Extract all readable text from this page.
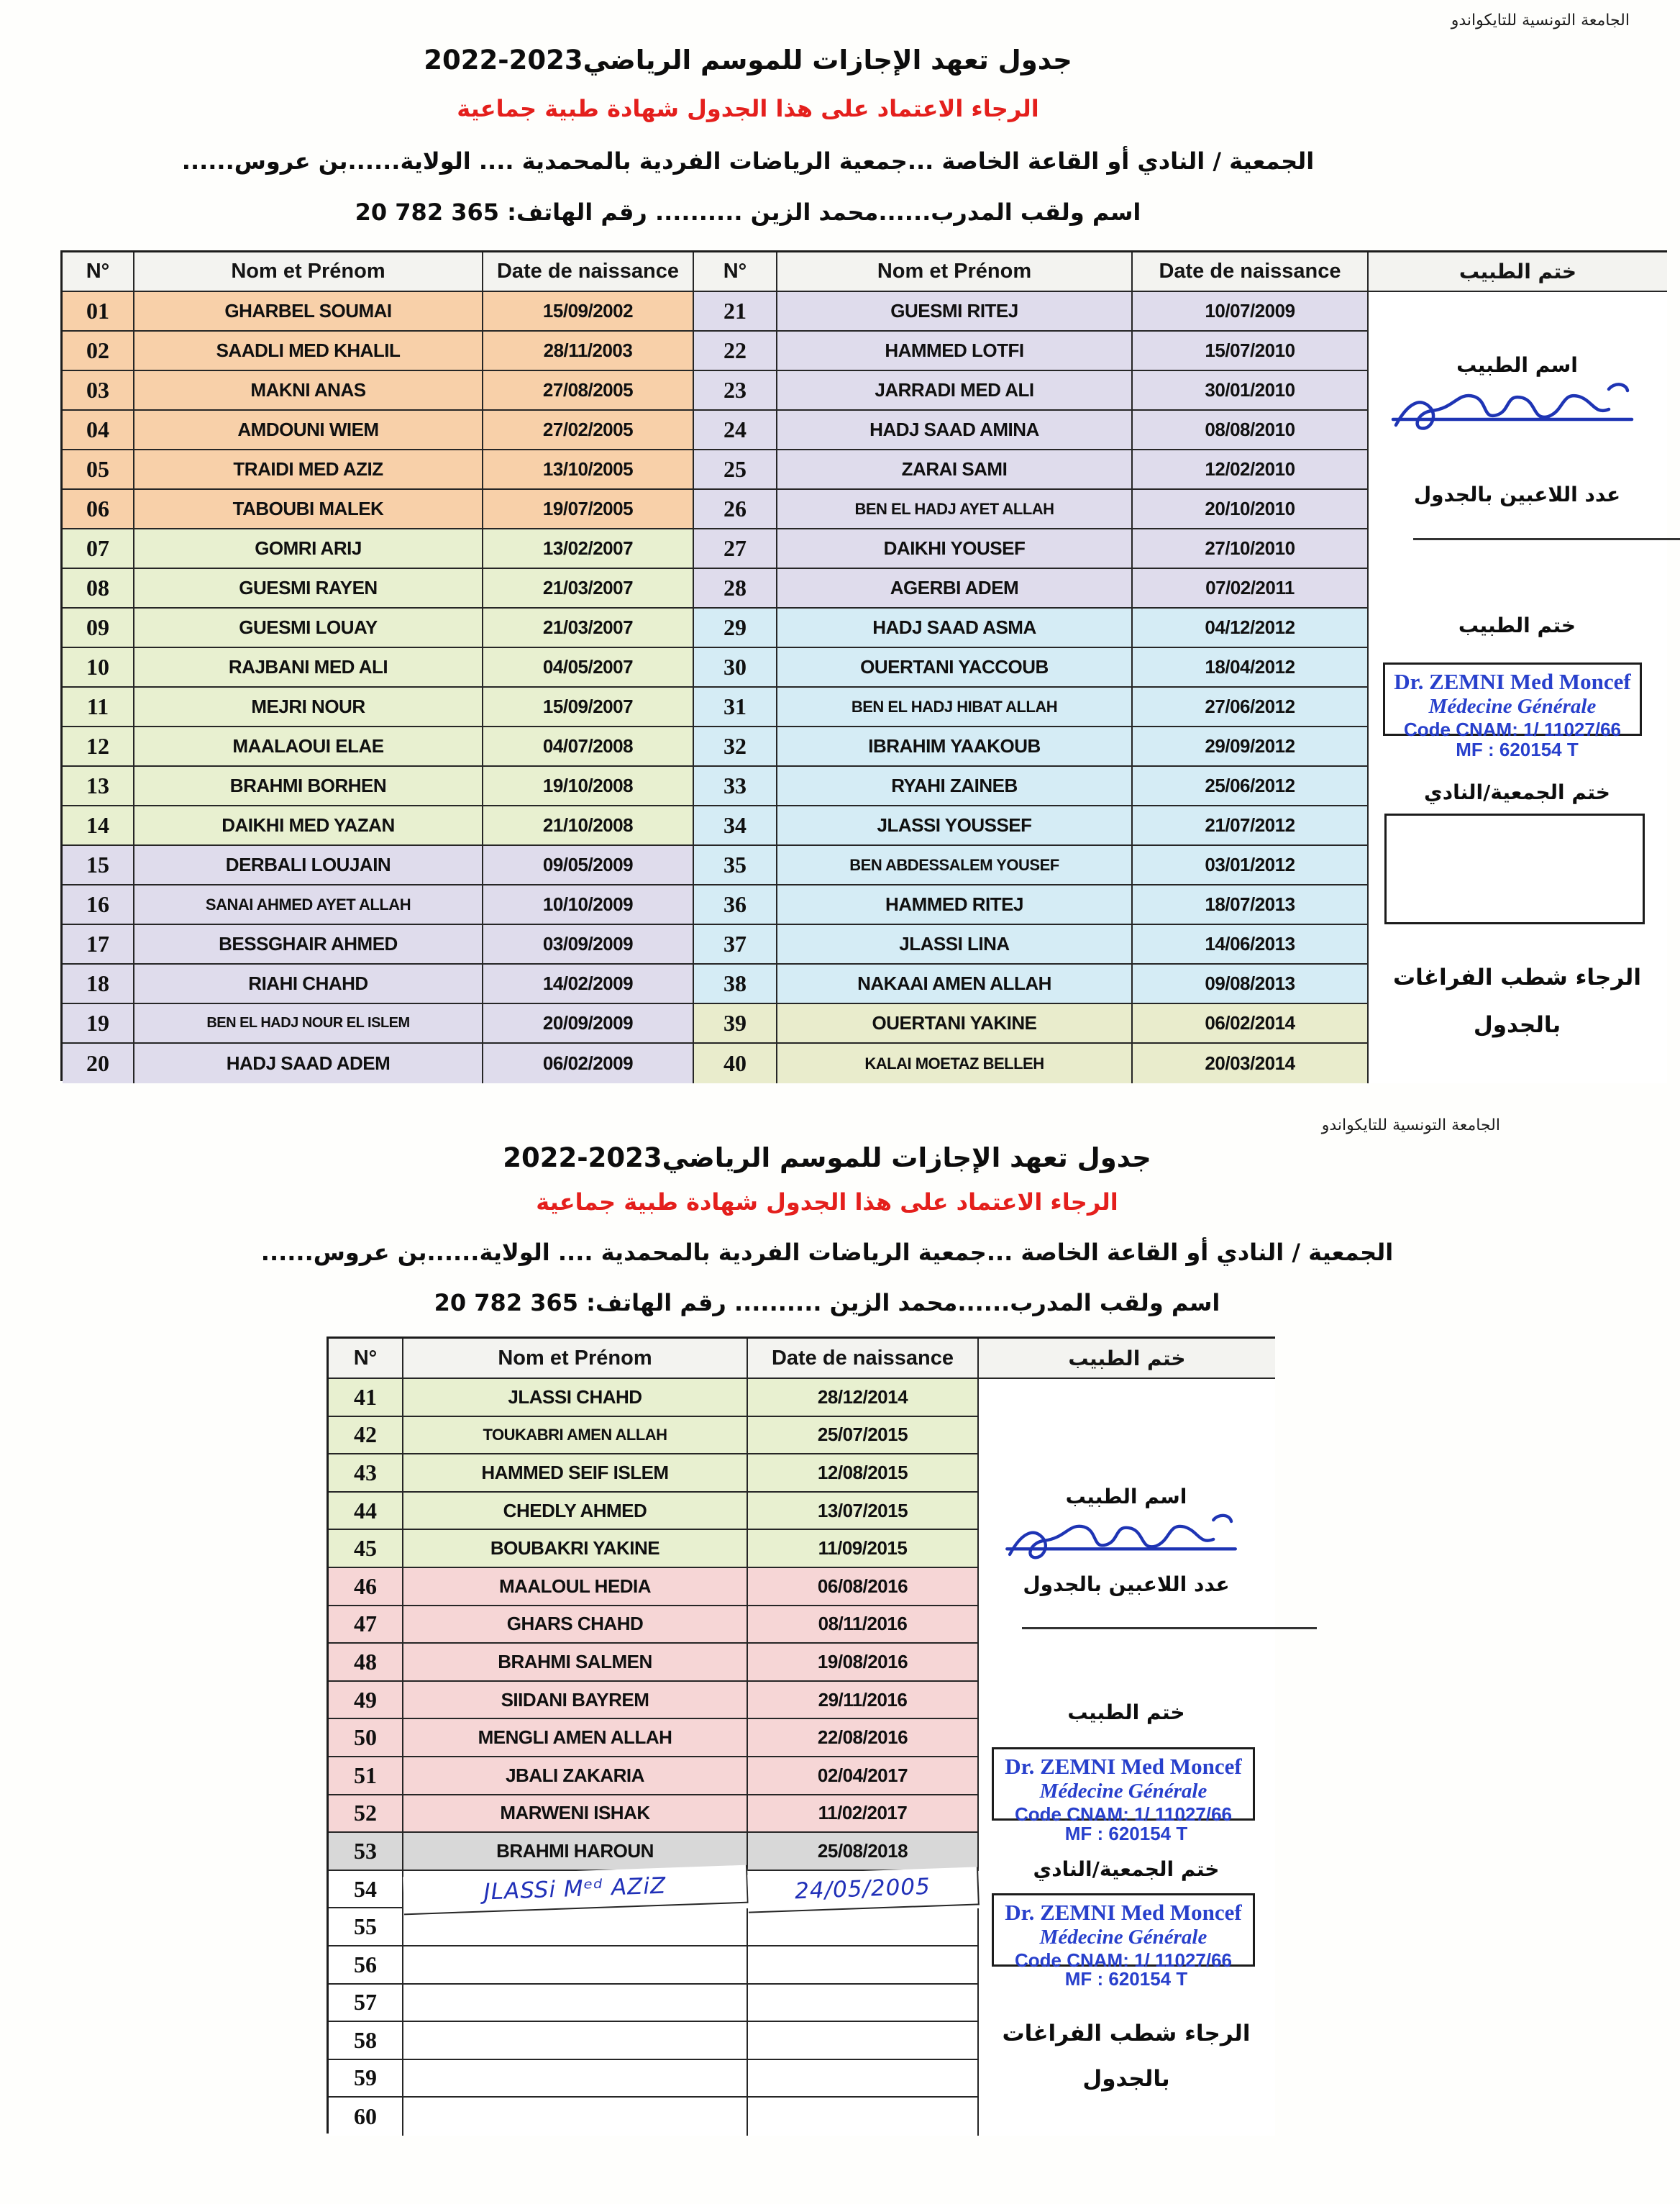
الجامعة التونسية للتايكواندو
جدول تعهد الإجازات للموسم الرياضي2023-2022
الرجاء الاعتماد على هذا الجدول شهادة طبية جماعية
الجمعية / النادي أو القاعة الخاصة ...جمعية الرياضات الفردية بالمحمدية .... الولاية......بن عروس......
اسم ولقب المدرب......محمد الزين .......... رقم الهاتف: 365 782 20
N°	Nom et Prénom	Date de naissance	N°	Nom et Prénom	Date de naissance	ختم الطبيب
01	GHARBEL SOUMAI	15/09/2002	21	GUESMI RITEJ	10/07/2009
02	SAADLI MED KHALIL	28/11/2003	22	HAMMED LOTFI	15/07/2010
03	MAKNI ANAS	27/08/2005	23	JARRADI MED ALI	30/01/2010
04	AMDOUNI WIEM	27/02/2005	24	HADJ SAAD AMINA	08/08/2010
05	TRAIDI MED AZIZ	13/10/2005	25	ZARAI SAMI	12/02/2010
06	TABOUBI MALEK	19/07/2005	26	BEN EL HADJ AYET ALLAH	20/10/2010
07	GOMRI ARIJ	13/02/2007	27	DAIKHI YOUSEF	27/10/2010
08	GUESMI RAYEN	21/03/2007	28	AGERBI ADEM	07/02/2011
09	GUESMI LOUAY	21/03/2007	29	HADJ SAAD ASMA	04/12/2012
10	RAJBANI MED ALI	04/05/2007	30	OUERTANI YACCOUB	18/04/2012
11	MEJRI NOUR	15/09/2007	31	BEN EL HADJ HIBAT ALLAH	27/06/2012
12	MAALAOUI ELAE	04/07/2008	32	IBRAHIM YAAKOUB	29/09/2012
13	BRAHMI BORHEN	19/10/2008	33	RYAHI ZAINEB	25/06/2012
14	DAIKHI MED YAZAN	21/10/2008	34	JLASSI YOUSSEF	21/07/2012
15	DERBALI LOUJAIN	09/05/2009	35	BEN ABDESSALEM YOUSEF	03/01/2012
16	SANAI AHMED AYET ALLAH	10/10/2009	36	HAMMED RITEJ	18/07/2013
17	BESSGHAIR AHMED	03/09/2009	37	JLASSI LINA	14/06/2013
18	RIAHI CHAHD	14/02/2009	38	NAKAAI AMEN ALLAH	09/08/2013
19	BEN EL HADJ NOUR EL ISLEM	20/09/2009	39	OUERTANI YAKINE	06/02/2014
20	HADJ SAAD ADEM	06/02/2009	40	KALAI MOETAZ BELLEH	20/03/2014
اسم الطبيب
عدد اللاعبين بالجدول
ختم الطبيب
Dr. ZEMNI Med Moncef
Médecine Générale
Code CNAM: 1/ 11027/66
MF : 620154 T
ختم الجمعية/النادي
الرجاء شطب الفراغات
بالجدول
الجامعة التونسية للتايكواندو
جدول تعهد الإجازات للموسم الرياضي2023-2022
الرجاء الاعتماد على هذا الجدول شهادة طبية جماعية
الجمعية / النادي أو القاعة الخاصة ...جمعية الرياضات الفردية بالمحمدية .... الولاية......بن عروس......
اسم ولقب المدرب......محمد الزين .......... رقم الهاتف: 365 782 20
N°	Nom et Prénom	Date de naissance	ختم الطبيب
41	JLASSI CHAHD	28/12/2014
42	TOUKABRI AMEN ALLAH	25/07/2015
43	HAMMED SEIF ISLEM	12/08/2015
44	CHEDLY AHMED	13/07/2015
45	BOUBAKRI YAKINE	11/09/2015
46	MAALOUL HEDIA	06/08/2016
47	GHARS CHAHD	08/11/2016
48	BRAHMI SALMEN	19/08/2016
49	SIIDANI BAYREM	29/11/2016
50	MENGLI AMEN ALLAH	22/08/2016
51	JBALI ZAKARIA	02/04/2017
52	MARWENI ISHAK	11/02/2017
53	BRAHMI HAROUN	25/08/2018
54	JLASSi Mᵉᵈ AZiZ	24/05/2005
55
56
57
58
59
60
اسم الطبيب
عدد اللاعبين بالجدول
ختم الطبيب
Dr. ZEMNI Med Moncef
Médecine Générale
Code CNAM: 1/ 11027/66
MF : 620154 T
ختم الجمعية/النادي
Dr. ZEMNI Med Moncef
Médecine Générale
Code CNAM: 1/ 11027/66
MF : 620154 T
الرجاء شطب الفراغات
بالجدول
